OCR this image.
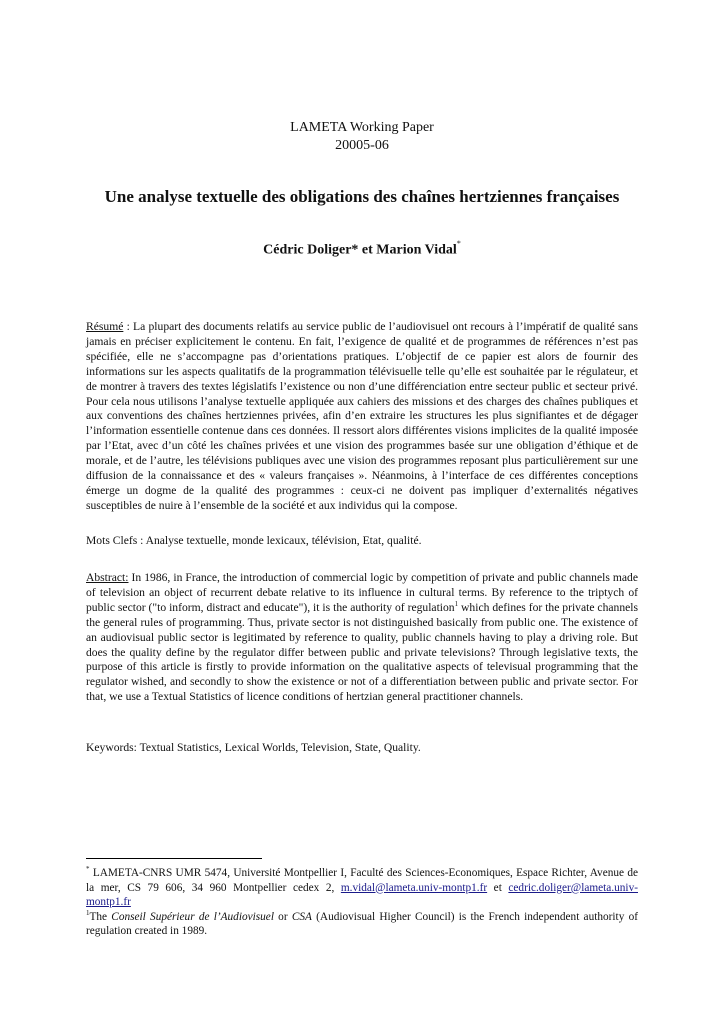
LAMETA Working Paper
20005-06
Une analyse textuelle des obligations des chaînes hertziennes françaises
Cédric Doliger* et Marion Vidal*
Résumé : La plupart des documents relatifs au service public de l’audiovisuel ont recours à l’impératif de qualité sans jamais en préciser explicitement le contenu. En fait, l’exigence de qualité et de programmes de références n’est pas spécifiée, elle ne s’accompagne pas d’orientations pratiques. L’objectif de ce papier est alors de fournir des informations sur les aspects qualitatifs de la programmation télévisuelle telle qu’elle est souhaitée par le régulateur, et de montrer à travers des textes législatifs l’existence ou non d’une différenciation entre secteur public et secteur privé. Pour cela nous utilisons l’analyse textuelle appliquée aux cahiers des missions et des charges des chaînes publiques et aux conventions des chaînes hertziennes privées, afin d’en extraire les structures les plus signifiantes et de dégager l’information essentielle contenue dans ces données. Il ressort alors différentes visions implicites de la qualité imposée par l’Etat, avec d’un côté les chaînes privées et une vision des programmes basée sur une obligation d’éthique et de morale, et de l’autre, les télévisions publiques avec une vision des programmes reposant plus particulièrement sur une diffusion de la connaissance et des « valeurs françaises ». Néanmoins, à l’interface de ces différentes conceptions émerge un dogme de la qualité des programmes : ceux-ci ne doivent pas impliquer d’externalités négatives susceptibles de nuire à l’ensemble de la société et aux individus qui la compose.
Mots Clefs : Analyse textuelle, monde lexicaux, télévision, Etat, qualité.
Abstract: In 1986, in France, the introduction of commercial logic by competition of private and public channels made of television an object of recurrent debate relative to its influence in cultural terms. By reference to the triptych of public sector ("to inform, distract and educate"), it is the authority of regulation$^1$ which defines for the private channels the general rules of programming. Thus, private sector is not distinguished basically from public one. The existence of an audiovisual public sector is legitimated by reference to quality, public channels having to play a driving role. But does the quality define by the regulator differ between public and private televisions? Through legislative texts, the purpose of this article is firstly to provide information on the qualitative aspects of televisual programming that the regulator wished, and secondly to show the existence or not of a differentiation between public and private sector. For that, we use a Textual Statistics of licence conditions of hertzian general practitioner channels.
Keywords: Textual Statistics, Lexical Worlds, Television, State, Quality.

* LAMETA-CNRS UMR 5474, Université Montpellier I, Faculté des Sciences-Economiques, Espace Richter, Avenue de la mer, CS 79 606, 34 960 Montpellier cedex 2, m.vidal@lameta.univ-montp1.fr et cedric.doliger@lameta.univ-montp1.fr

$^1$The Conseil Supérieur de l’Audiovisuel or CSA (Audiovisual Higher Council) is the French independent authority of regulation created in 1989.
